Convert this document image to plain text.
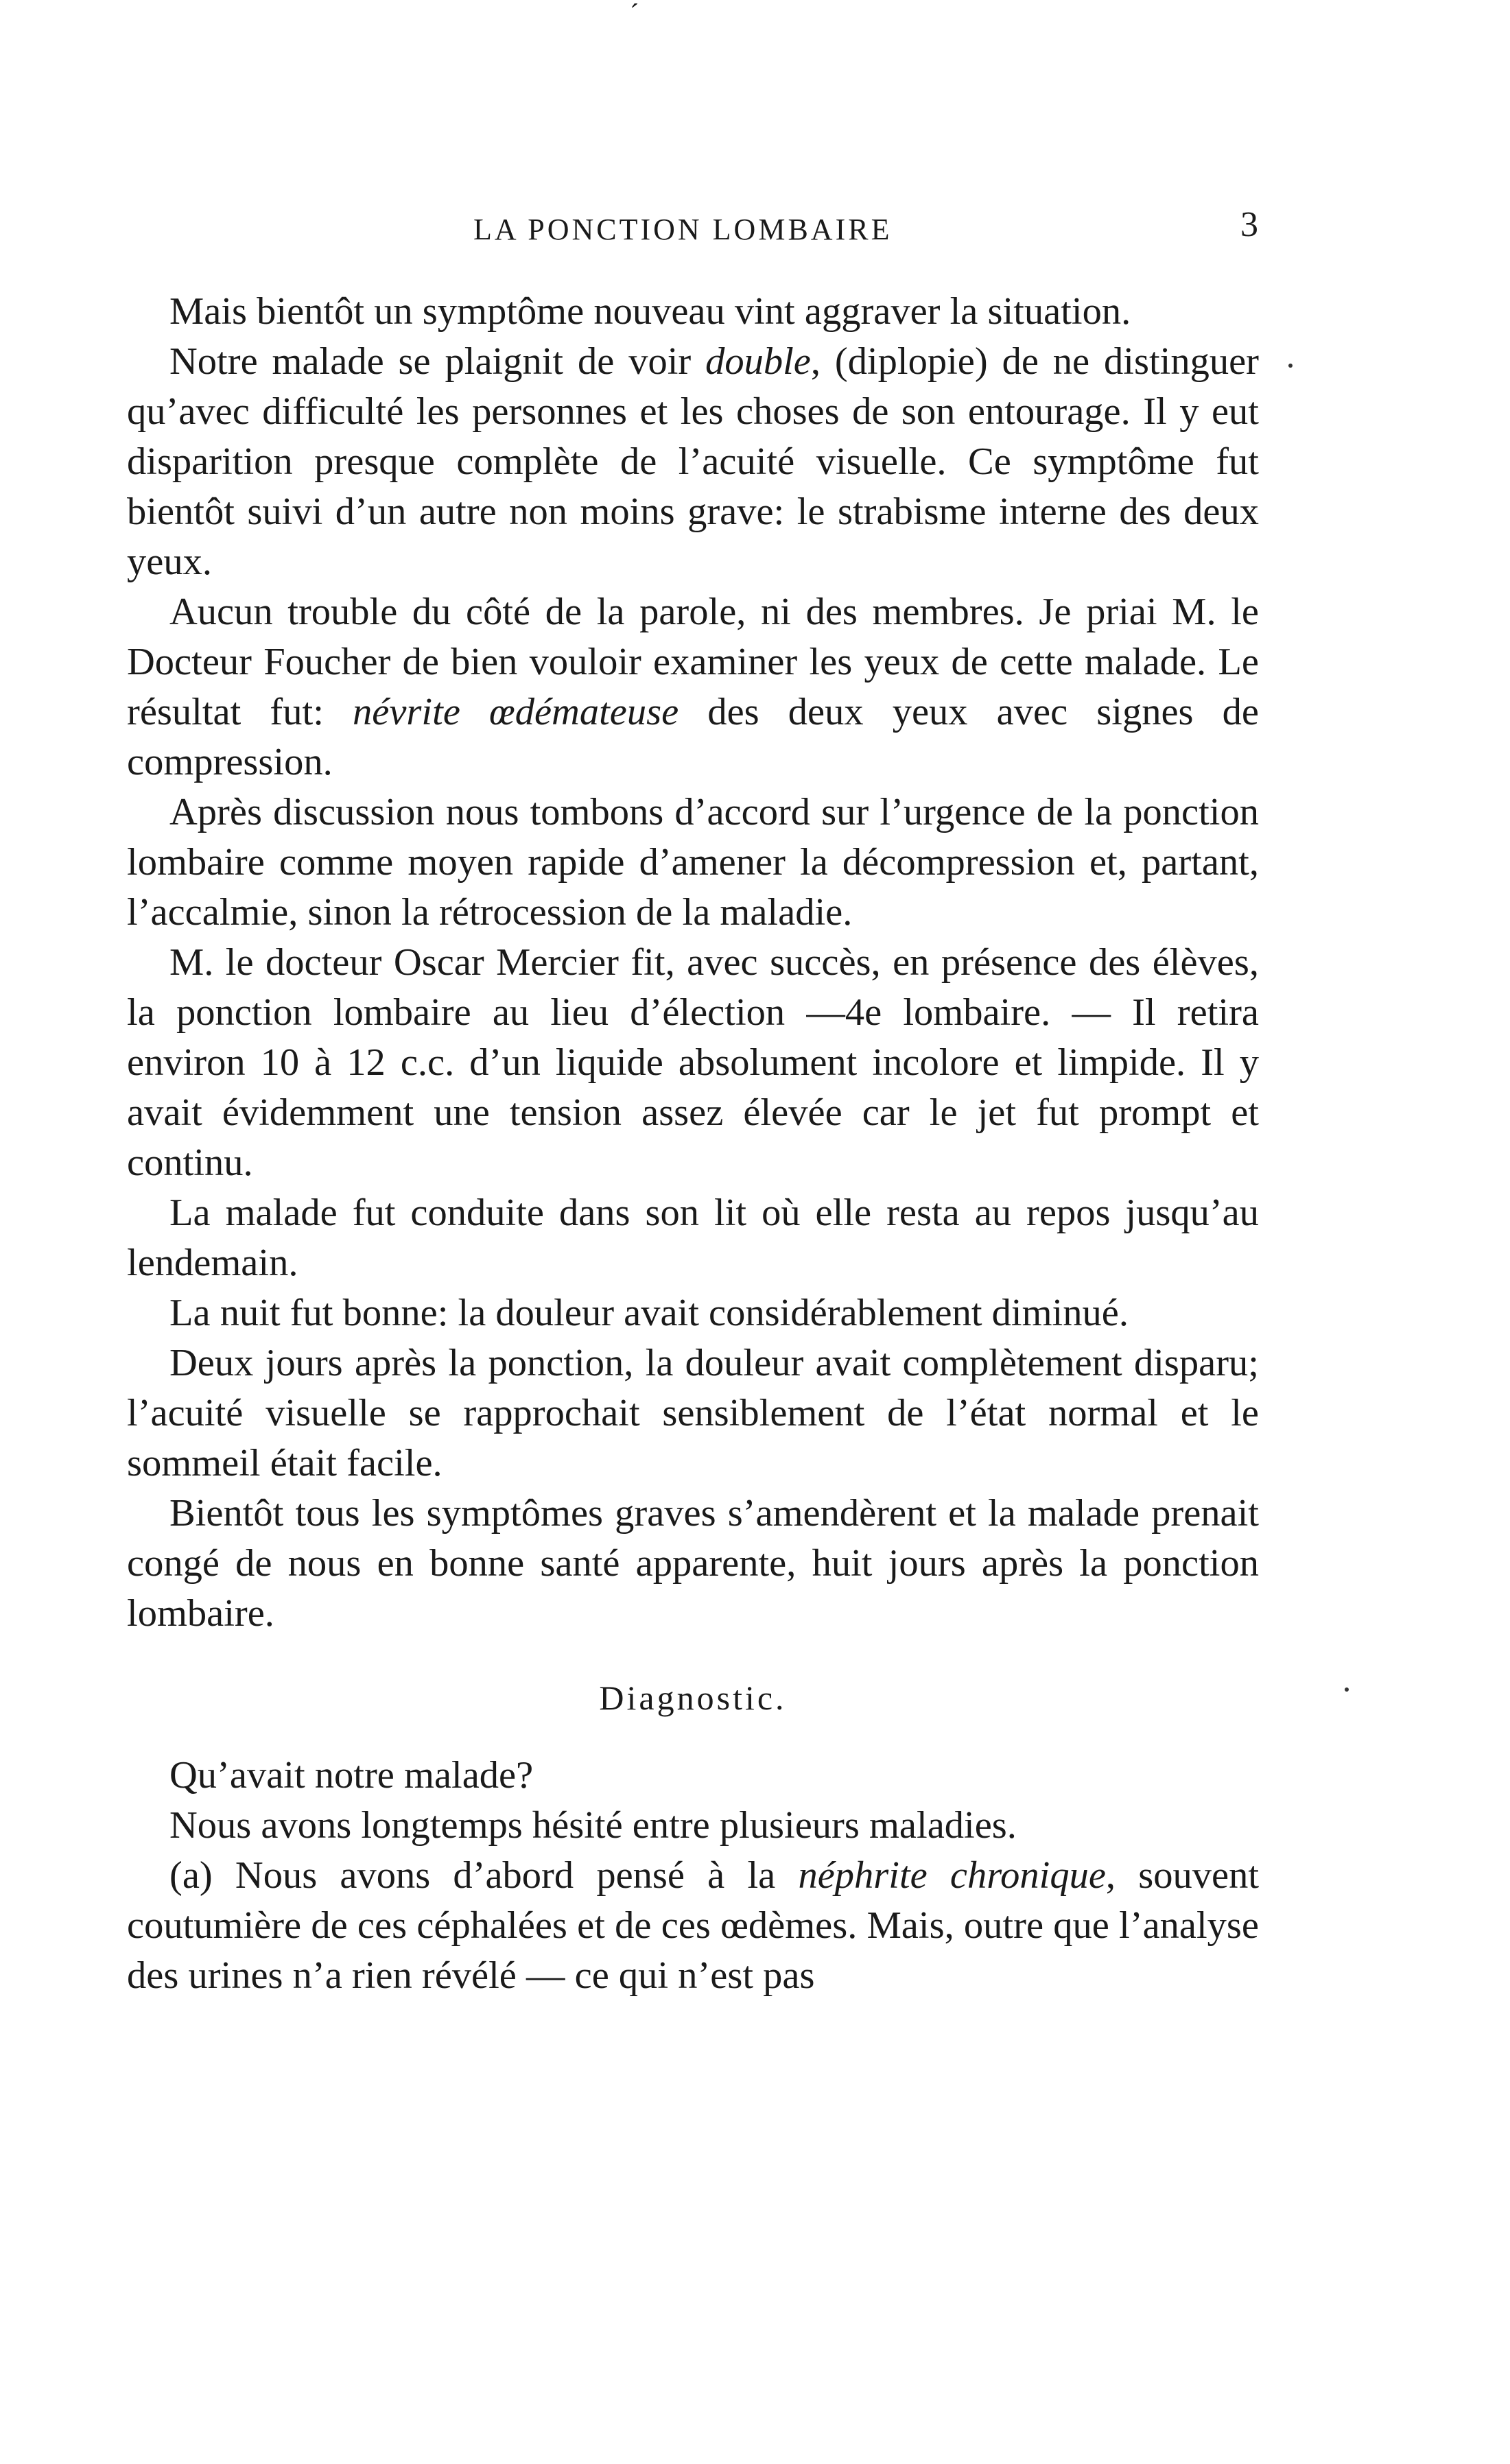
´
LA PONCTION LOMBAIRE	3

Mais bientôt un symptôme nouveau vint aggraver la situation.

Notre malade se plaignit de voir double, (diplopie) de ne distinguer qu’avec difficulté les personnes et les choses de son entourage. Il y eut disparition presque complète de l’acuité visuelle. Ce symptôme fut bientôt suivi d’un autre non moins grave: le strabisme interne des deux yeux.

Aucun trouble du côté de la parole, ni des membres. Je priai M. le Docteur Foucher de bien vouloir examiner les yeux de cette malade. Le résultat fut: névrite œdémateuse des deux yeux avec signes de compression.

Après discussion nous tombons d’accord sur l’urgence de la ponction lombaire comme moyen rapide d’amener la décompression et, partant, l’accalmie, sinon la rétrocession de la maladie.

M. le docteur Oscar Mercier fit, avec succès, en présence des élèves, la ponction lombaire au lieu d’élection —4e lombaire. — Il retira environ 10 à 12 c.c. d’un liquide absolument incolore et limpide. Il y avait évidemment une tension assez élevée car le jet fut prompt et continu.

La malade fut conduite dans son lit où elle resta au repos jusqu’au lendemain.

La nuit fut bonne: la douleur avait considérablement diminué.

Deux jours après la ponction, la douleur avait complètement disparu; l’acuité visuelle se rapprochait sensiblement de l’état normal et le sommeil était facile.

Bientôt tous les symptômes graves s’amendèrent et la malade prenait congé de nous en bonne santé apparente, huit jours après la ponction lombaire.

Diagnostic.

Qu’avait notre malade?

Nous avons longtemps hésité entre plusieurs maladies.

(a) Nous avons d’abord pensé à la néphrite chronique, souvent coutumière de ces céphalées et de ces œdèmes. Mais, outre que l’analyse des urines n’a rien révélé — ce qui n’est pas
